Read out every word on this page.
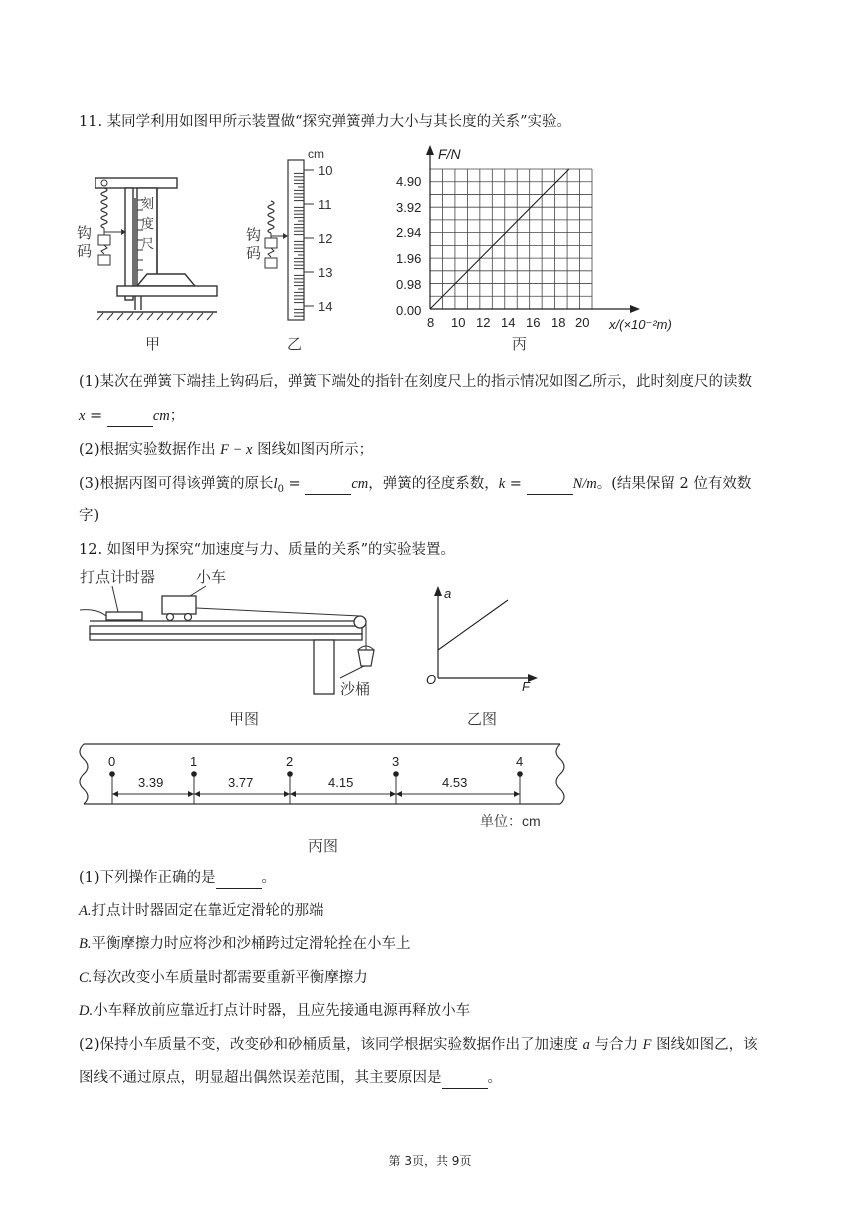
11. 某同学利用如图甲所示装置做“探究弹簧弹力大小与其长度的关系”实验。
刻
度
尺
钩
码
甲
cm
10
11
12
13
14
钩
码
乙
F/N
4.90
3.92
2.94
1.96
0.98
0.00
8 10 12 14 16 18 20 x/(×10⁻²m)
丙
(1)某次在弹簧下端挂上钩码后，弹簧下端处的指针在刻度尺上的指示情况如图乙所示，此时刻度尺的读数
x =	cm；
(2)根据实验数据作出 F − x 图线如图丙所示；
(3)根据丙图可得该弹簧的原长$l_0$ =	cm，弹簧的径度系数，k =	N/m。(结果保留 2 位有效数
字)
12. 如图甲为探究“加速度与力、质量的关系”的实验装置。
打点计时器	小车
沙桶
甲图
a
O	F
乙图
0	1	2	3	4
3.39	3.77	4.15	4.53
单位：cm
丙图
(1)下列操作正确的是	。
A.打点计时器固定在靠近定滑轮的那端
B.平衡摩擦力时应将沙和沙桶跨过定滑轮拴在小车上
C.每次改变小车质量时都需要重新平衡摩擦力
D.小车释放前应靠近打点计时器，且应先接通电源再释放小车
(2)保持小车质量不变，改变砂和砂桶质量，该同学根据实验数据作出了加速度 a 与合力 F 图线如图乙，该
图线不通过原点，明显超出偶然误差范围，其主要原因是	。
第 3页，共 9页
